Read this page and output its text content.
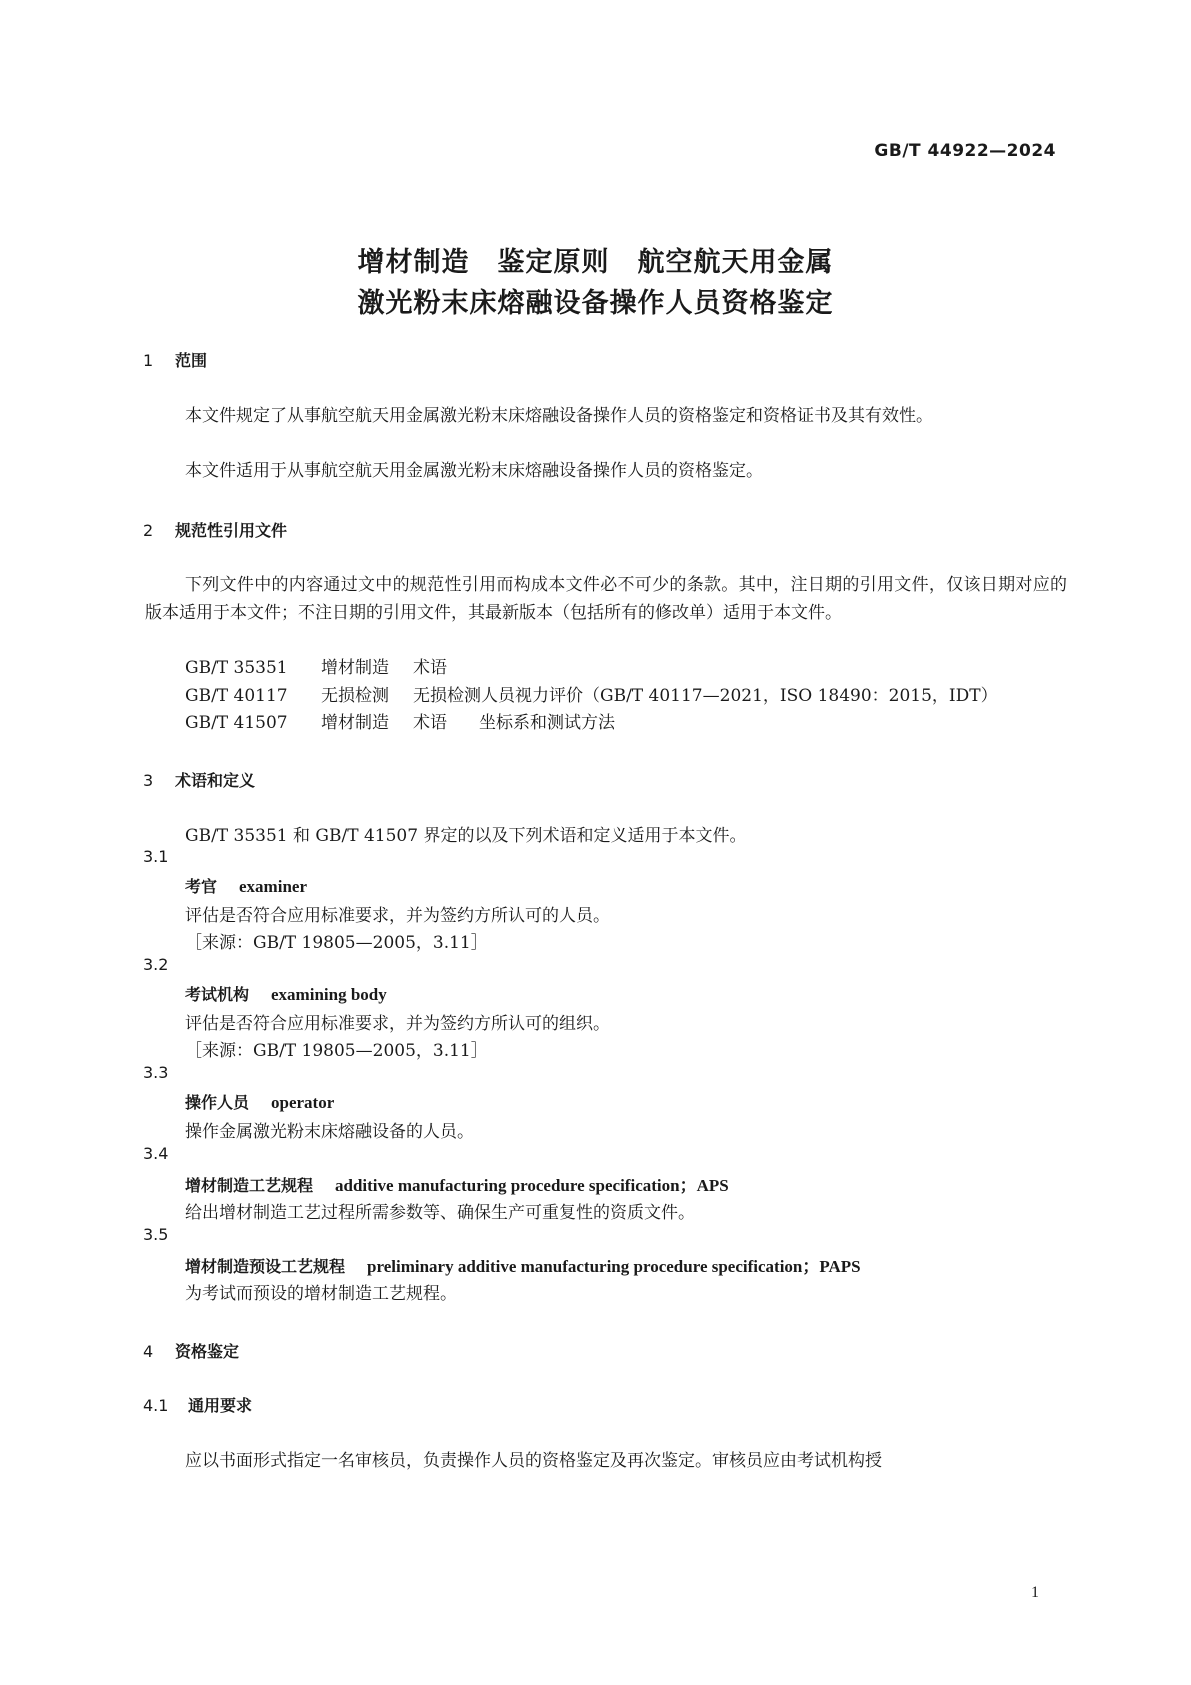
GB/T 44922—2024
增材制造　鉴定原则　航空航天用金属
激光粉末床熔融设备操作人员资格鉴定
1 范围
本文件规定了从事航空航天用金属激光粉末床熔融设备操作人员的资格鉴定和资格证书及其有效性。
本文件适用于从事航空航天用金属激光粉末床熔融设备操作人员的资格鉴定。
2 规范性引用文件
下列文件中的内容通过文中的规范性引用而构成本文件必不可少的条款。其中，注日期的引用文件，仅该日期对应的版本适用于本文件；不注日期的引用文件，其最新版本（包括所有的修改单）适用于本文件。
GB/T 35351 增材制造 术语
GB/T 40117 无损检测 无损检测人员视力评价（GB/T 40117—2021，ISO 18490：2015，IDT）
GB/T 41507 增材制造 术语 坐标系和测试方法
3 术语和定义
GB/T 35351 和 GB/T 41507 界定的以及下列术语和定义适用于本文件。
3.1
考官 examiner
评估是否符合应用标准要求，并为签约方所认可的人员。
［来源：GB/T 19805—2005，3.11］
3.2
考试机构 examining body
评估是否符合应用标准要求，并为签约方所认可的组织。
［来源：GB/T 19805—2005，3.11］
3.3
操作人员 operator
操作金属激光粉末床熔融设备的人员。
3.4
增材制造工艺规程 additive manufacturing procedure specification；APS
给出增材制造工艺过程所需参数等、确保生产可重复性的资质文件。
3.5
增材制造预设工艺规程 preliminary additive manufacturing procedure specification；PAPS
为考试而预设的增材制造工艺规程。
4 资格鉴定
4.1 通用要求
应以书面形式指定一名审核员，负责操作人员的资格鉴定及再次鉴定。审核员应由考试机构授
1
